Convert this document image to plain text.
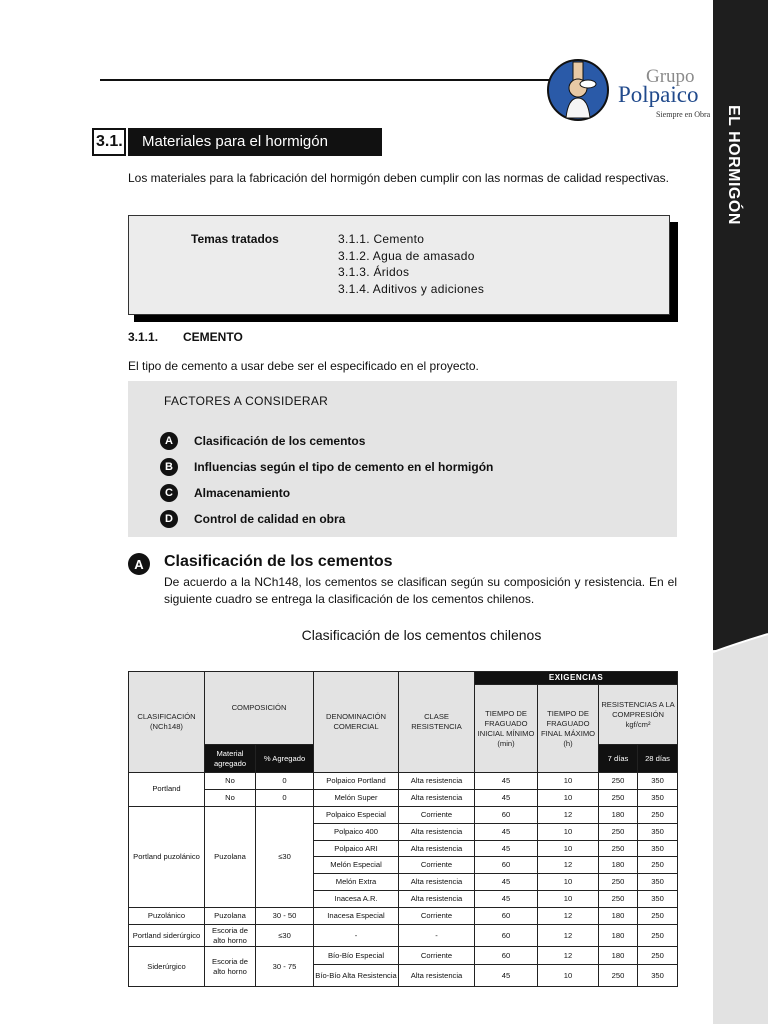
EL HORMIGÓN
Grupo
Polpaico
Siempre en Obra
3.1.	Materiales para el hormigón

Los materiales para la fabricación del hormigón deben cumplir con las normas de calidad respectivas.

Temas tratados	3.1.1. Cemento
3.1.2. Agua de amasado
3.1.3. Áridos
3.1.4. Aditivos y adiciones
3.1.1. CEMENTO

El tipo de cemento a usar debe ser el especificado en el proyecto.

FACTORES A CONSIDERAR
A	Clasificación de los cementos
B	Influencias según el tipo de cemento en el hormigón
C	Almacenamiento
D	Control de calidad en obra
A	Clasificación de los cementos

De acuerdo a la NCh148, los cementos se clasifican según su composición y resistencia. En el siguiente cuadro se entrega la clasificación de los cementos chilenos.

Clasificación de los cementos chilenos
CLASIFICACIÓN (NCh148)	COMPOSICIÓN		DENOMINACIÓN COMERCIAL	CLASE RESISTENCIA	EXIGENCIAS			
					TIEMPO DE FRAGUADO INICIAL MÍNIMO (min)	TIEMPO DE FRAGUADO FINAL MÁXIMO (h)	RESISTENCIAS A LA COMPRESIÓN kgf/cm²	
	Material agregado	% Agregado					7 días	28 días
Portland	No	0	Polpaico Portland	Alta resistencia	45	10	250	350
	No	0	Melón Super	Alta resistencia	45	10	250	350
Portland puzolánico	Puzolana	≤30	Polpaico Especial	Corriente	60	12	180	250
			Polpaico 400	Alta resistencia	45	10	250	350
			Polpaico ARI	Alta resistencia	45	10	250	350
			Melón Especial	Corriente	60	12	180	250
			Melón Extra	Alta resistencia	45	10	250	350
			Inacesa A.R.	Alta resistencia	45	10	250	350
Puzolánico	Puzolana	30 - 50	Inacesa Especial	Corriente	60	12	180	250
Portland siderúrgico	Escoria de alto horno	≤30	-	-	60	12	180	250
Siderúrgico	Escoria de alto horno	30 - 75	Bío-Bío Especial	Corriente	60	12	180	250
			Bío-Bío Alta Resistencia	Alta resistencia	45	10	250	350
